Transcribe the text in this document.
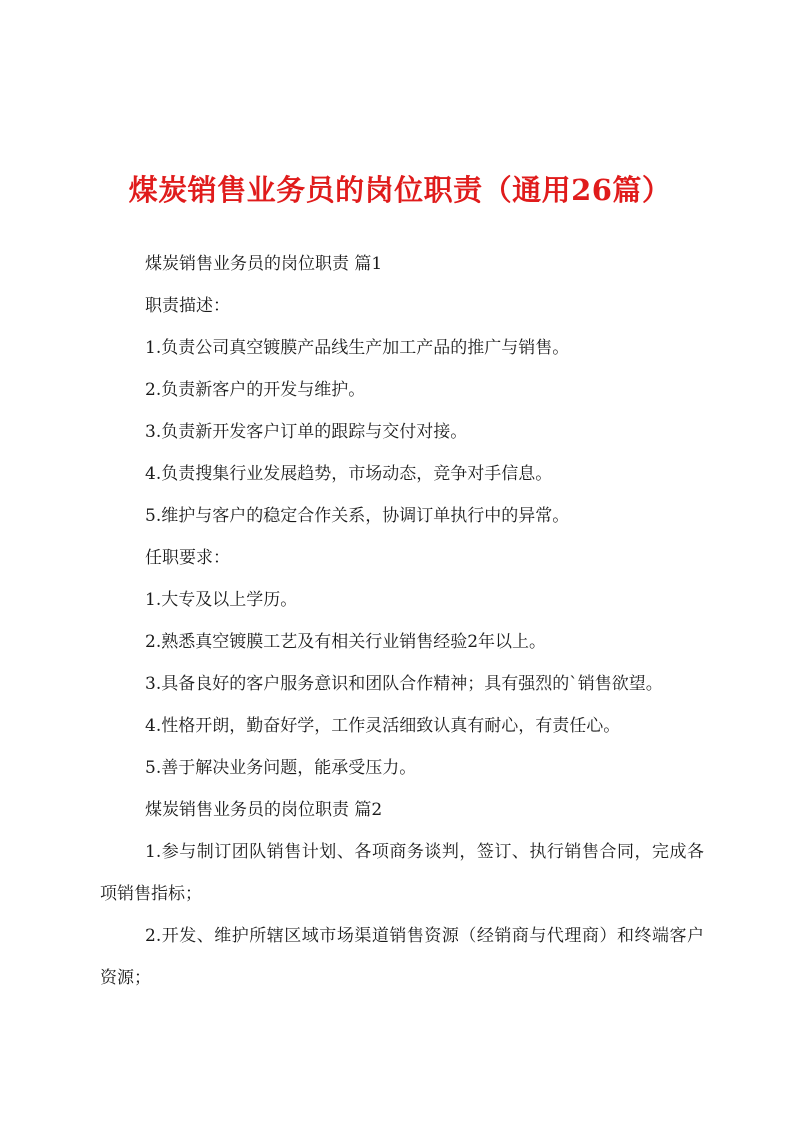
煤炭销售业务员的岗位职责（通用26篇）

煤炭销售业务员的岗位职责 篇1

职责描述：

1.负责公司真空镀膜产品线生产加工产品的推广与销售。

2.负责新客户的开发与维护。

3.负责新开发客户订单的跟踪与交付对接。

4.负责搜集行业发展趋势，市场动态，竞争对手信息。

5.维护与客户的稳定合作关系，协调订单执行中的异常。

任职要求：

1.大专及以上学历。

2.熟悉真空镀膜工艺及有相关行业销售经验2年以上。

3.具备良好的客户服务意识和团队合作精神；具有强烈的`销售欲望。

4.性格开朗，勤奋好学，工作灵活细致认真有耐心，有责任心。

5.善于解决业务问题，能承受压力。

煤炭销售业务员的岗位职责 篇2

1.参与制订团队销售计划、各项商务谈判，签订、执行销售合同，完成各项销售指标；

2.开发、维护所辖区域市场渠道销售资源（经销商与代理商）和终端客户资源；
